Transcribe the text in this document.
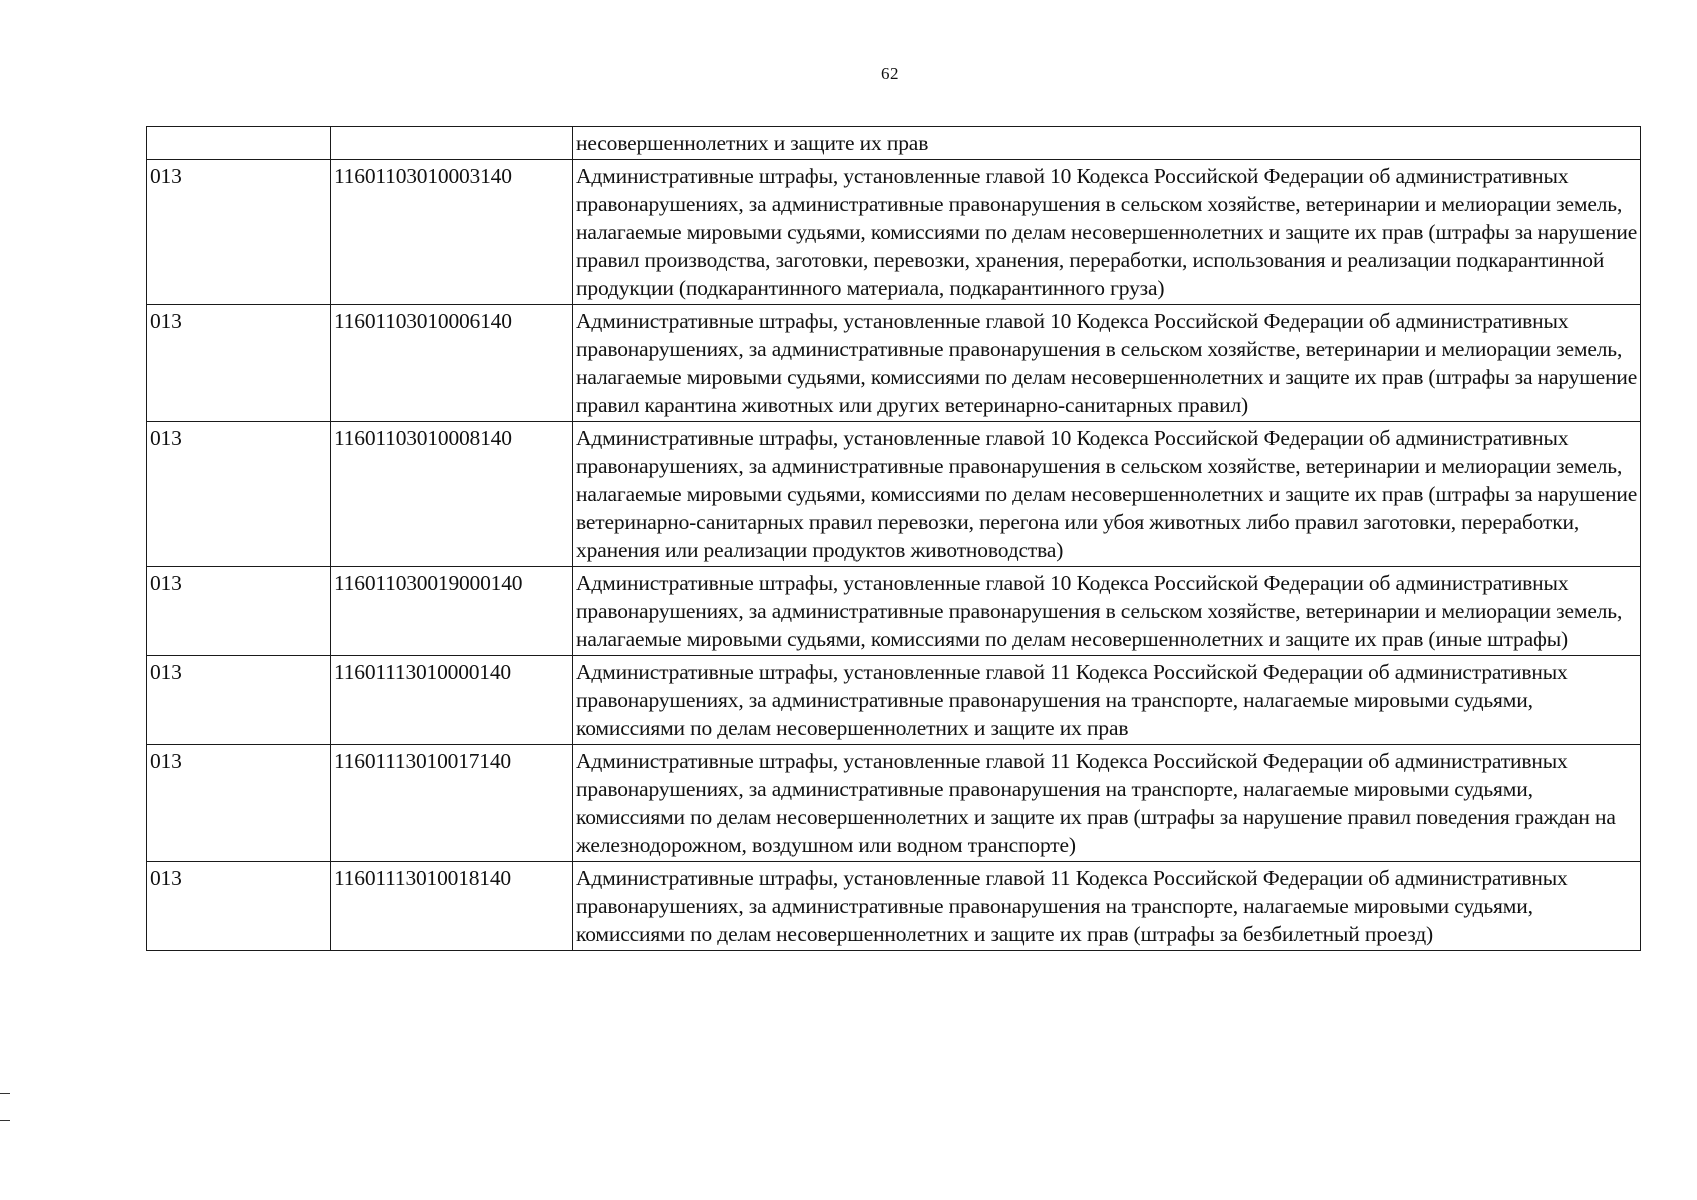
62
		несовершеннолетних и защите их прав
013	11601103010003140	Административные штрафы, установленные главой 10 Кодекса Российской Федерации об административных правонарушениях, за административные правонарушения в сельском хозяйстве, ветеринарии и мелиорации земель, налагаемые мировыми судьями, комиссиями по делам несовершеннолетних и защите их прав (штрафы за нарушение правил производства, заготовки, перевозки, хранения, переработки, использования и реализации подкарантинной продукции (подкарантинного материала, подкарантинного груза)
013	11601103010006140	Административные штрафы, установленные главой 10 Кодекса Российской Федерации об административных правонарушениях, за административные правонарушения в сельском хозяйстве, ветеринарии и мелиорации земель, налагаемые мировыми судьями, комиссиями по делам несовершеннолетних и защите их прав (штрафы за нарушение правил карантина животных или других ветеринарно-санитарных правил)
013	11601103010008140	Административные штрафы, установленные главой 10 Кодекса Российской Федерации об административных правонарушениях, за административные правонарушения в сельском хозяйстве, ветеринарии и мелиорации земель, налагаемые мировыми судьями, комиссиями по делам несовершеннолетних и защите их прав (штрафы за нарушение ветеринарно-санитарных правил перевозки, перегона или убоя животных либо правил заготовки, переработки, хранения или реализации продуктов животноводства)
013	116011030019000140	Административные штрафы, установленные главой 10 Кодекса Российской Федерации об административных правонарушениях, за административные правонарушения в сельском хозяйстве, ветеринарии и мелиорации земель, налагаемые мировыми судьями, комиссиями по делам несовершеннолетних и защите их прав (иные штрафы)
013	11601113010000140	Административные штрафы, установленные главой 11 Кодекса Российской Федерации об административных правонарушениях, за административные правонарушения на транспорте, налагаемые мировыми судьями, комиссиями по делам несовершеннолетних и защите их прав
013	11601113010017140	Административные штрафы, установленные главой 11 Кодекса Российской Федерации об административных правонарушениях, за административные правонарушения на транспорте, налагаемые мировыми судьями, комиссиями по делам несовершеннолетних и защите их прав (штрафы за нарушение правил поведения граждан на железнодорожном, воздушном или водном транспорте)
013	11601113010018140	Административные штрафы, установленные главой 11 Кодекса Российской Федерации об административных правонарушениях, за административные правонарушения на транспорте, налагаемые мировыми судьями, комиссиями по делам несовершеннолетних и защите их прав (штрафы за безбилетный проезд)
